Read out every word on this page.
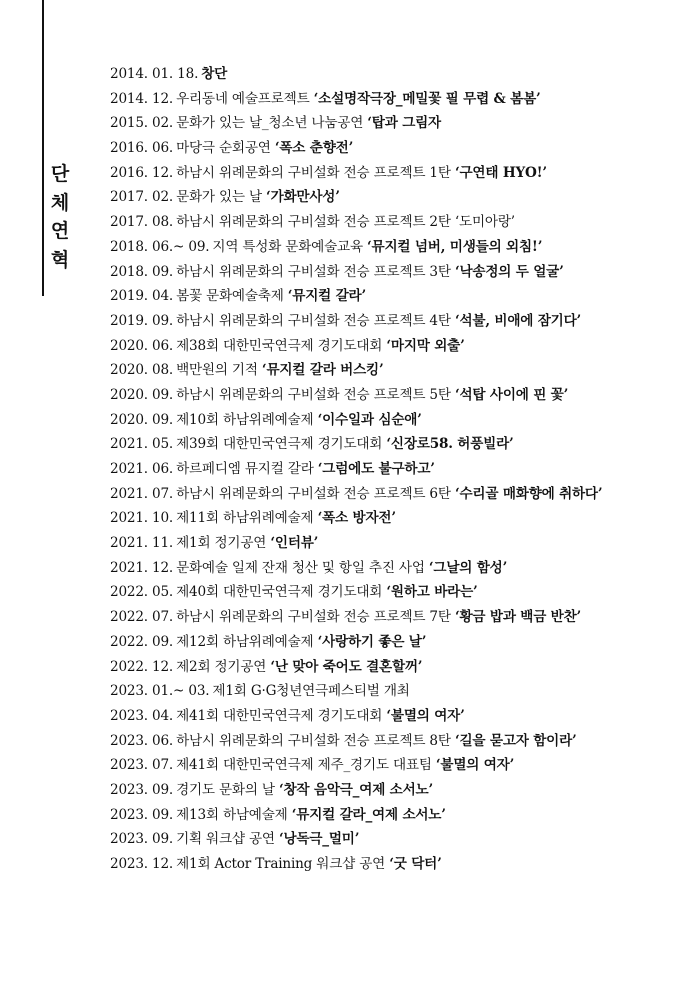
단
체
연
혁
2014. 01. 18. 창단
2014. 12. 우리동네 예술프로젝트 ‘소설명작극장_메밀꽃 필 무렵 & 봄봄’
2015. 02. 문화가 있는 날_청소년 나눔공연 ‘탑과 그림자
2016. 06. 마당극 순회공연 ‘폭소 춘향전’
2016. 12. 하남시 위례문화의 구비설화 전승 프로젝트 1탄 ‘구연태 HYO!’
2017. 02. 문화가 있는 날 ‘가화만사성’
2017. 08. 하남시 위례문화의 구비설화 전승 프로젝트 2탄 ‘도미아랑’
2018. 06.~ 09. 지역 특성화 문화예술교육 ‘뮤지컬 넘버, 미생들의 외침!’
2018. 09. 하남시 위례문화의 구비설화 전승 프로젝트 3탄 ‘낙송정의 두 얼굴’
2019. 04. 봄꽃 문화예술축제 ‘뮤지컬 갈라’
2019. 09. 하남시 위례문화의 구비설화 전승 프로젝트 4탄 ‘석불, 비애에 잠기다’
2020. 06. 제38회 대한민국연극제 경기도대회 ‘마지막 외출’
2020. 08. 백만원의 기적 ‘뮤지컬 갈라 버스킹’
2020. 09. 하남시 위례문화의 구비설화 전승 프로젝트 5탄 ‘석탑 사이에 핀 꽃’
2020. 09. 제10회 하남위례예술제 ‘이수일과 심순애’
2021. 05. 제39회 대한민국연극제 경기도대회 ‘신장로58. 허풍빌라’
2021. 06. 하르페디엠 뮤지컬 갈라 ‘그럼에도 불구하고’
2021. 07. 하남시 위례문화의 구비설화 전승 프로젝트 6탄 ‘수리골 매화향에 취하다’
2021. 10. 제11회 하남위례예술제 ‘폭소 방자전’
2021. 11. 제1회 정기공연 ‘인터뷰’
2021. 12. 문화예술 일제 잔재 청산 및 항일 추진 사업 ‘그날의 함성’
2022. 05. 제40회 대한민국연극제 경기도대회 ‘원하고 바라는’
2022. 07. 하남시 위례문화의 구비설화 전승 프로젝트 7탄 ‘황금 밥과 백금 반찬’
2022. 09. 제12회 하남위례예술제 ‘사랑하기 좋은 날’
2022. 12. 제2회 정기공연 ‘난 맞아 죽어도 결혼할꺼’
2023. 01.~ 03. 제1회 G·G청년연극페스티벌 개최
2023. 04. 제41회 대한민국연극제 경기도대회 ‘불멸의 여자’
2023. 06. 하남시 위례문화의 구비설화 전승 프로젝트 8탄 ‘길을 묻고자 함이라’
2023. 07. 제41회 대한민국연극제 제주_경기도 대표팀 ‘불멸의 여자’
2023. 09. 경기도 문화의 날 ‘창작 음악극_여제 소서노’
2023. 09. 제13회 하남예술제 ‘뮤지컬 갈라_여제 소서노’
2023. 09. 기획 워크샵 공연 ‘낭독극_멀미’
2023. 12. 제1회 Actor Training 워크샵 공연 ‘굿 닥터’
